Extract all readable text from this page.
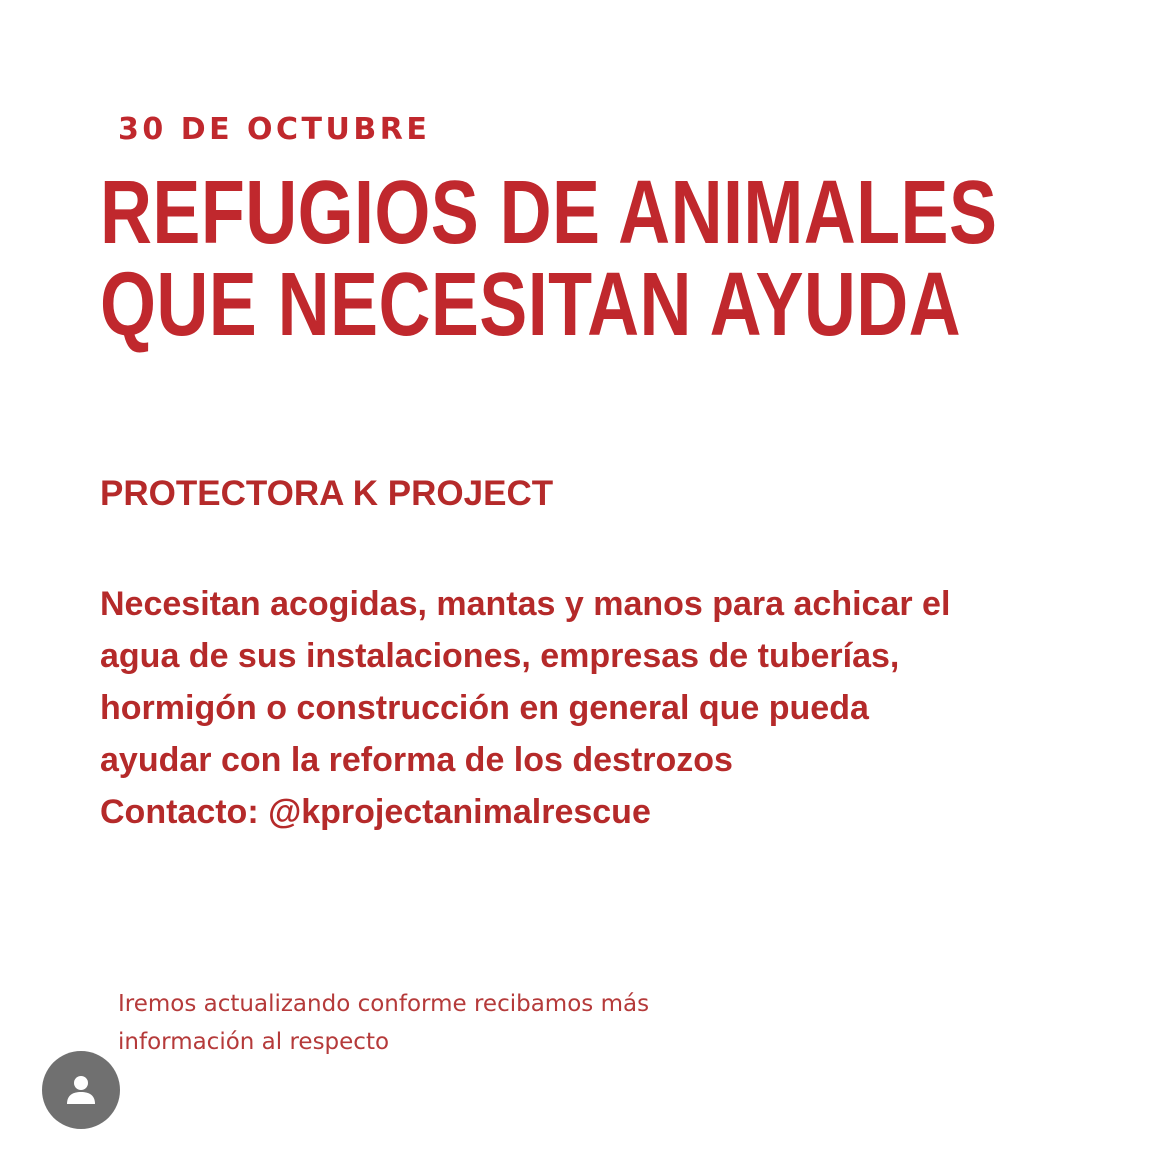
30 DE OCTUBRE
REFUGIOS DE ANIMALES
QUE NECESITAN AYUDA
PROTECTORA K PROJECT
Necesitan acogidas, mantas y manos para achicar el
agua de sus instalaciones, empresas de tuberías,
hormigón o construcción en general que pueda
ayudar con la reforma de los destrozos
Contacto: @kprojectanimalrescue
Iremos actualizando conforme recibamos más
información al respecto
